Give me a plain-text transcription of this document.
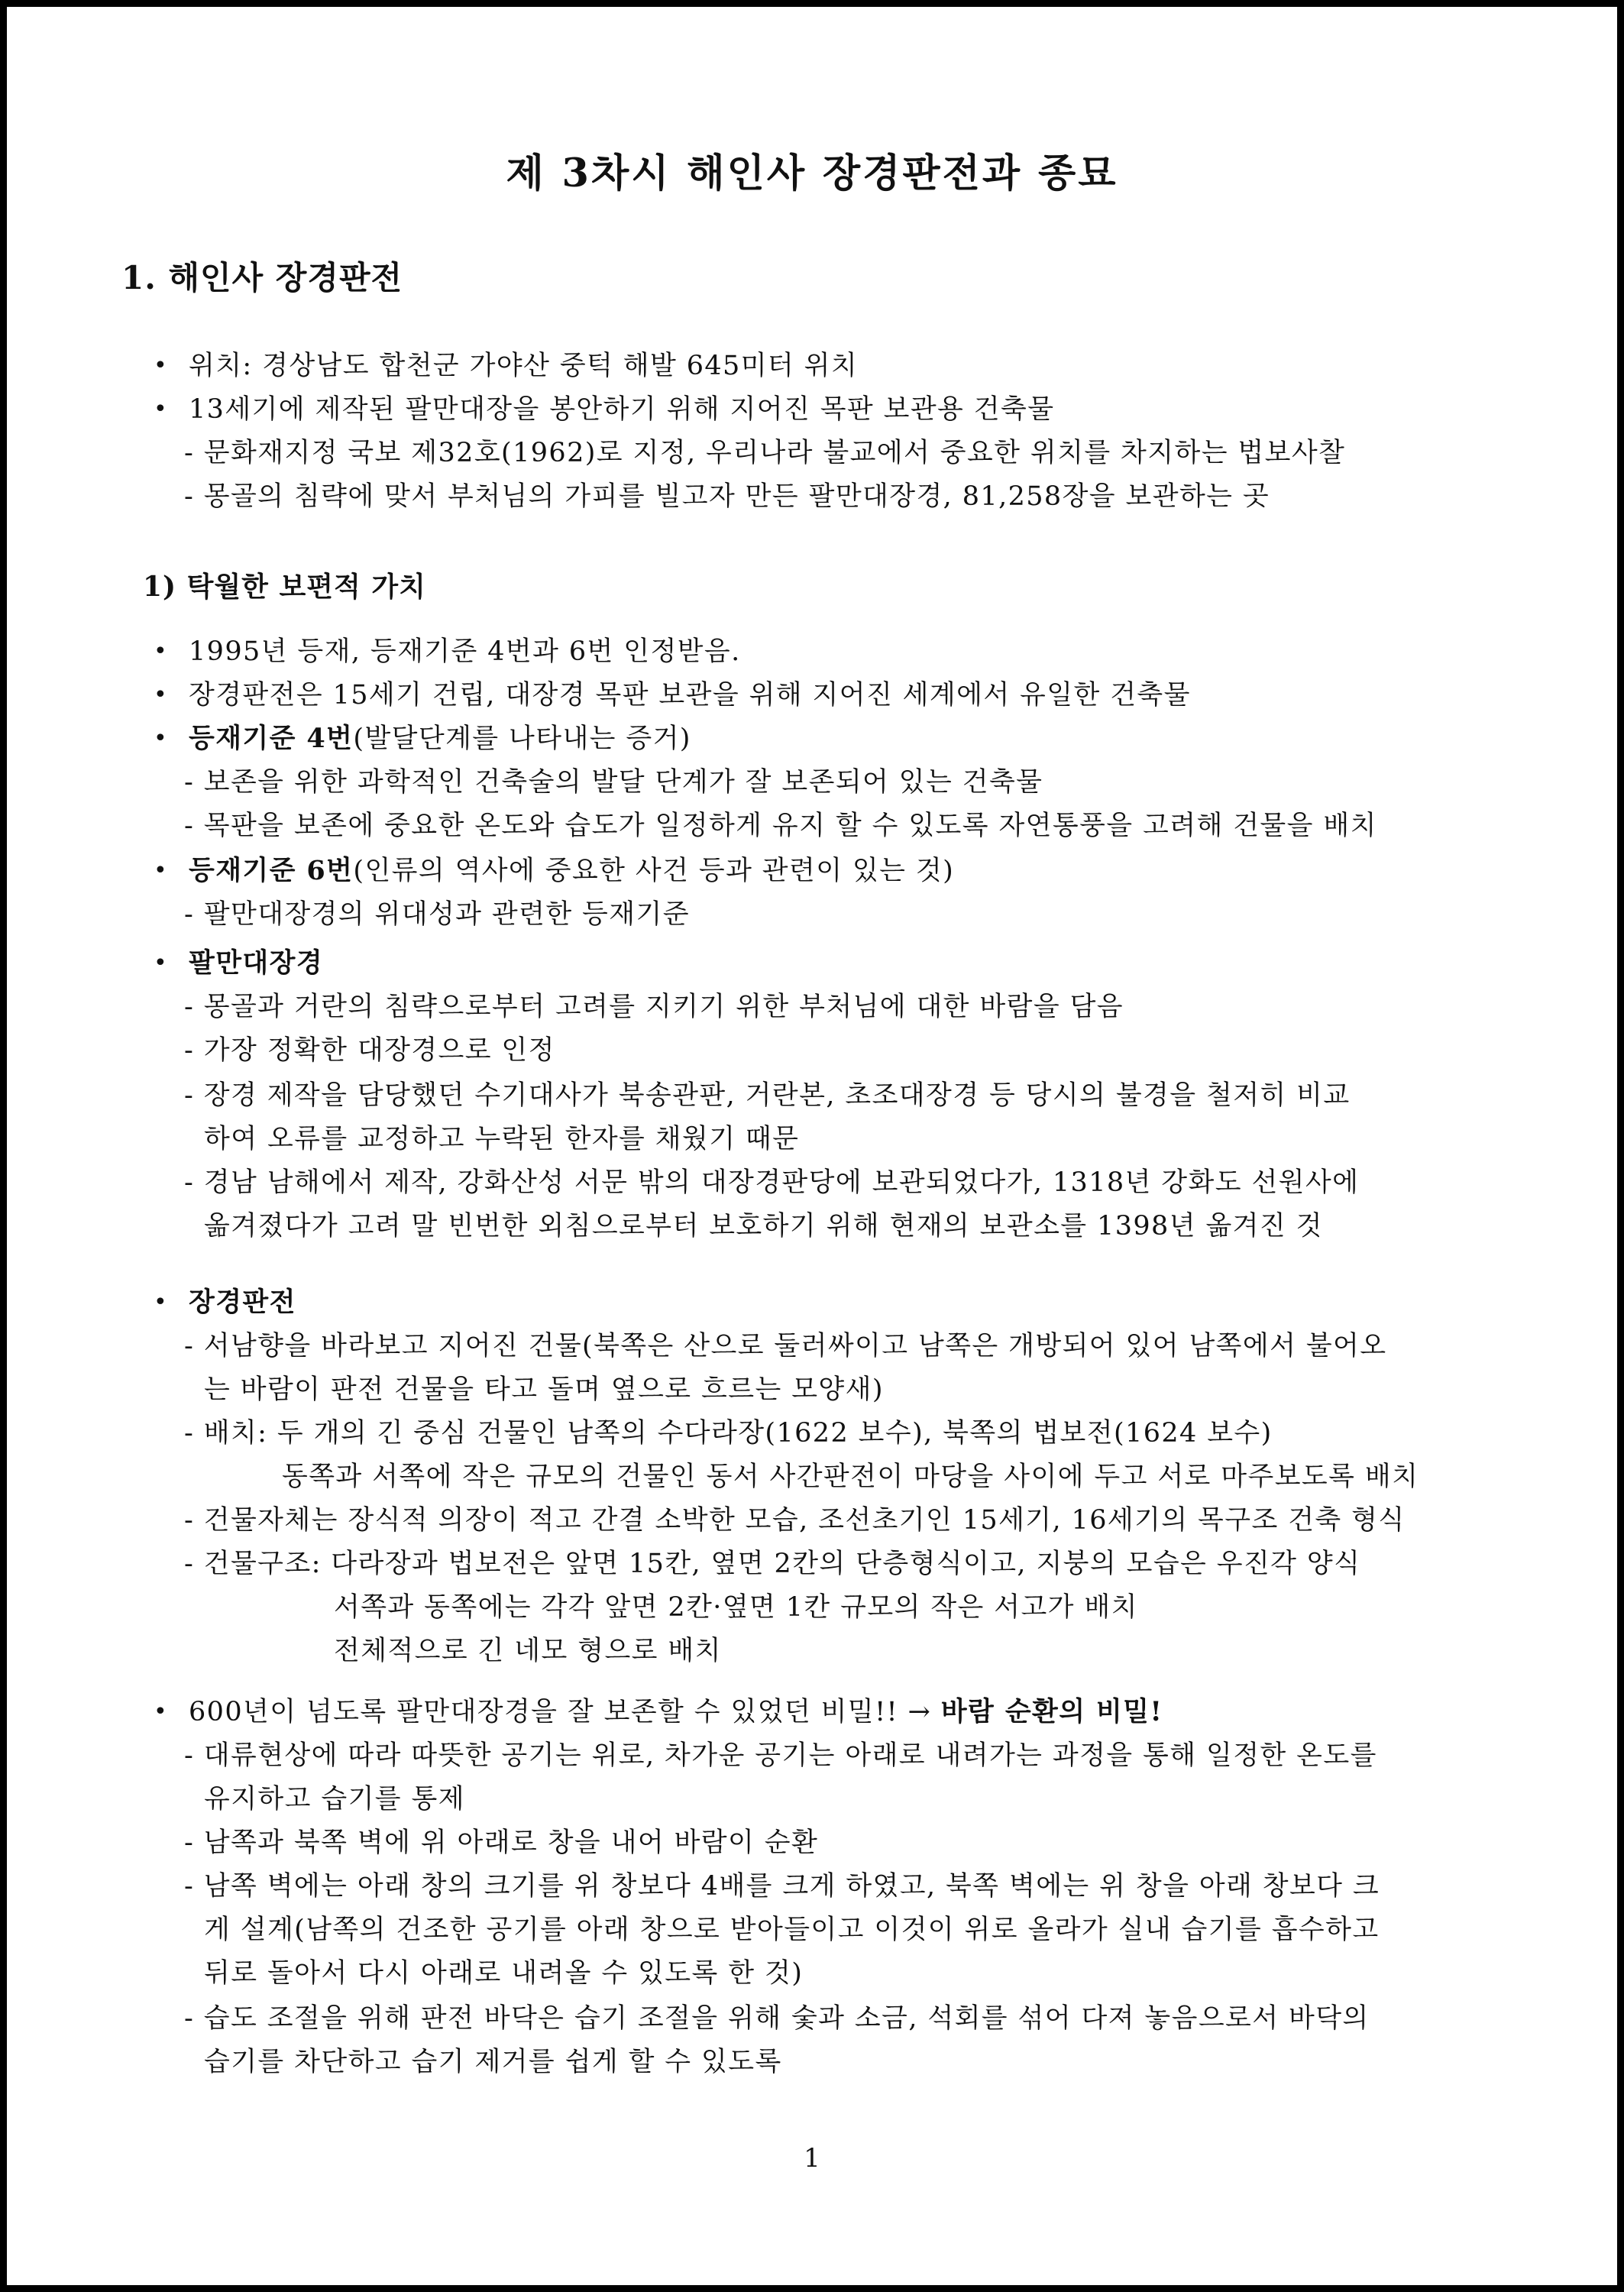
제 3차시 해인사 장경판전과 종묘
1. 해인사 장경판전
• 위치: 경상남도 합천군 가야산 중턱 해발 645미터 위치
• 13세기에 제작된 팔만대장을 봉안하기 위해 지어진 목판 보관용 건축물
- 문화재지정 국보 제32호(1962)로 지정, 우리나라 불교에서 중요한 위치를 차지하는 법보사찰
- 몽골의 침략에 맞서 부처님의 가피를 빌고자 만든 팔만대장경, 81,258장을 보관하는 곳
1) 탁월한 보편적 가치
• 1995년 등재, 등재기준 4번과 6번 인정받음.
• 장경판전은 15세기 건립, 대장경 목판 보관을 위해 지어진 세계에서 유일한 건축물
• 등재기준 4번(발달단계를 나타내는 증거)
- 보존을 위한 과학적인 건축술의 발달 단계가 잘 보존되어 있는 건축물
- 목판을 보존에 중요한 온도와 습도가 일정하게 유지 할 수 있도록 자연통풍을 고려해 건물을 배치
• 등재기준 6번(인류의 역사에 중요한 사건 등과 관련이 있는 것)
- 팔만대장경의 위대성과 관련한 등재기준
• 팔만대장경
- 몽골과 거란의 침략으로부터 고려를 지키기 위한 부처님에 대한 바람을 담음
- 가장 정확한 대장경으로 인정
- 장경 제작을 담당했던 수기대사가 북송관판, 거란본, 초조대장경 등 당시의 불경을 철저히 비교
하여 오류를 교정하고 누락된 한자를 채웠기 때문
- 경남 남해에서 제작, 강화산성 서문 밖의 대장경판당에 보관되었다가, 1318년 강화도 선원사에
옮겨졌다가 고려 말 빈번한 외침으로부터 보호하기 위해 현재의 보관소를 1398년 옮겨진 것
• 장경판전
- 서남향을 바라보고 지어진 건물(북쪽은 산으로 둘러싸이고 남쪽은 개방되어 있어 남쪽에서 불어오
는 바람이 판전 건물을 타고 돌며 옆으로 흐르는 모양새)
- 배치: 두 개의 긴 중심 건물인 남쪽의 수다라장(1622 보수), 북쪽의 법보전(1624 보수)
동쪽과 서쪽에 작은 규모의 건물인 동서 사간판전이 마당을 사이에 두고 서로 마주보도록 배치
- 건물자체는 장식적 의장이 적고 간결 소박한 모습, 조선초기인 15세기, 16세기의 목구조 건축 형식
- 건물구조: 다라장과 법보전은 앞면 15칸, 옆면 2칸의 단층형식이고, 지붕의 모습은 우진각 양식
서쪽과 동쪽에는 각각 앞면 2칸·옆면 1칸 규모의 작은 서고가 배치
전체적으로 긴 네모 형으로 배치
• 600년이 넘도록 팔만대장경을 잘 보존할 수 있었던 비밀!! → 바람 순환의 비밀!
- 대류현상에 따라 따뜻한 공기는 위로, 차가운 공기는 아래로 내려가는 과정을 통해 일정한 온도를
유지하고 습기를 통제
- 남쪽과 북쪽 벽에 위 아래로 창을 내어 바람이 순환
- 남쪽 벽에는 아래 창의 크기를 위 창보다 4배를 크게 하였고, 북쪽 벽에는 위 창을 아래 창보다 크
게 설계(남쪽의 건조한 공기를 아래 창으로 받아들이고 이것이 위로 올라가 실내 습기를 흡수하고
뒤로 돌아서 다시 아래로 내려올 수 있도록 한 것)
- 습도 조절을 위해 판전 바닥은 습기 조절을 위해 숯과 소금, 석회를 섞어 다져 놓음으로서 바닥의
습기를 차단하고 습기 제거를 쉽게 할 수 있도록
1
